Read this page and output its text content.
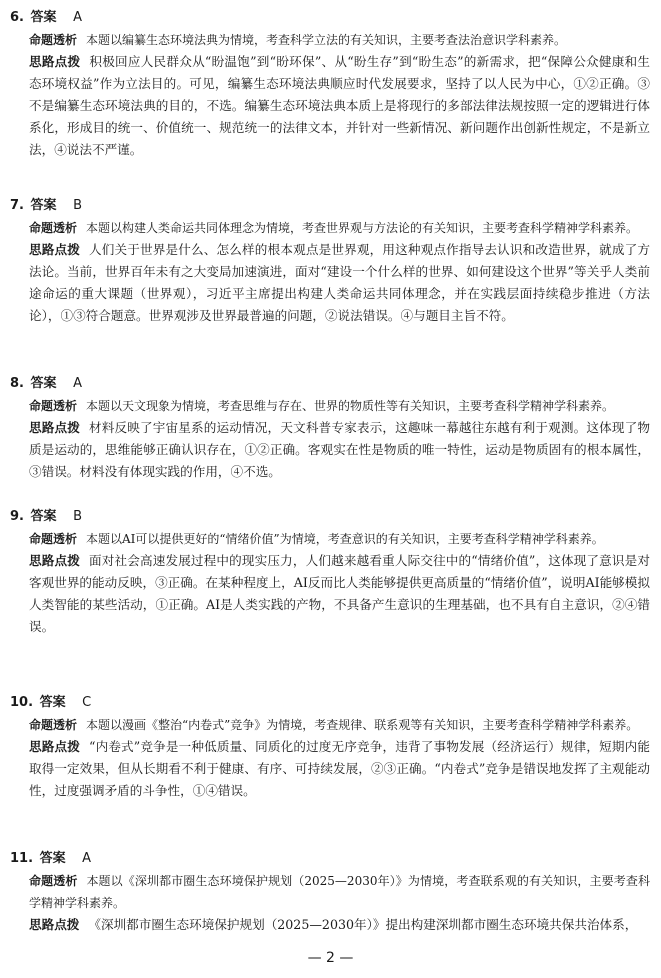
6. 答案 A
命题透析 本题以编纂生态环境法典为情境，考查科学立法的有关知识，主要考查法治意识学科素养。
思路点拨 积极回应人民群众从“盼温饱”到“盼环保”、从“盼生存”到“盼生态”的新需求，把“保障公众健康和生态环境权益”作为立法目的。可见，编纂生态环境法典顺应时代发展要求，坚持了以人民为中心，①②正确。③不是编纂生态环境法典的目的，不选。编纂生态环境法典本质上是将现行的多部法律法规按照一定的逻辑进行体系化，形成目的统一、价值统一、规范统一的法律文本，并针对一些新情况、新问题作出创新性规定，不是新立法，④说法不严谨。
7. 答案 B
命题透析 本题以构建人类命运共同体理念为情境，考查世界观与方法论的有关知识，主要考查科学精神学科素养。
思路点拨 人们关于世界是什么、怎么样的根本观点是世界观，用这种观点作指导去认识和改造世界，就成了方法论。当前，世界百年未有之大变局加速演进，面对“建设一个什么样的世界、如何建设这个世界”等关乎人类前途命运的重大课题（世界观），习近平主席提出构建人类命运共同体理念，并在实践层面持续稳步推进（方法论），①③符合题意。世界观涉及世界最普遍的问题，②说法错误。④与题目主旨不符。
8. 答案 A
命题透析 本题以天文现象为情境，考查思维与存在、世界的物质性等有关知识，主要考查科学精神学科素养。
思路点拨 材料反映了宇宙星系的运动情况，天文科普专家表示，这趣味一幕越往东越有利于观测。这体现了物质是运动的，思维能够正确认识存在，①②正确。客观实在性是物质的唯一特性，运动是物质固有的根本属性，③错误。材料没有体现实践的作用，④不选。
9. 答案 B
命题透析 本题以AI可以提供更好的“情绪价值”为情境，考查意识的有关知识，主要考查科学精神学科素养。
思路点拨 面对社会高速发展过程中的现实压力，人们越来越看重人际交往中的“情绪价值”，这体现了意识是对客观世界的能动反映，③正确。在某种程度上，AI反而比人类能够提供更高质量的“情绪价值”，说明AI能够模拟人类智能的某些活动，①正确。AI是人类实践的产物，不具备产生意识的生理基础，也不具有自主意识，②④错误。
10. 答案 C
命题透析 本题以漫画《整治“内卷式”竞争》为情境，考查规律、联系观等有关知识，主要考查科学精神学科素养。
思路点拨 “内卷式”竞争是一种低质量、同质化的过度无序竞争，违背了事物发展（经济运行）规律，短期内能取得一定效果，但从长期看不利于健康、有序、可持续发展，②③正确。“内卷式”竞争是错误地发挥了主观能动性，过度强调矛盾的斗争性，①④错误。
11. 答案 A
命题透析 本题以《深圳都市圈生态环境保护规划（2025—2030年）》为情境，考查联系观的有关知识，主要考查科学精神学科素养。
思路点拨 《深圳都市圈生态环境保护规划（2025—2030年）》提出构建深圳都市圈生态环境共保共治体系，
— 2 —
